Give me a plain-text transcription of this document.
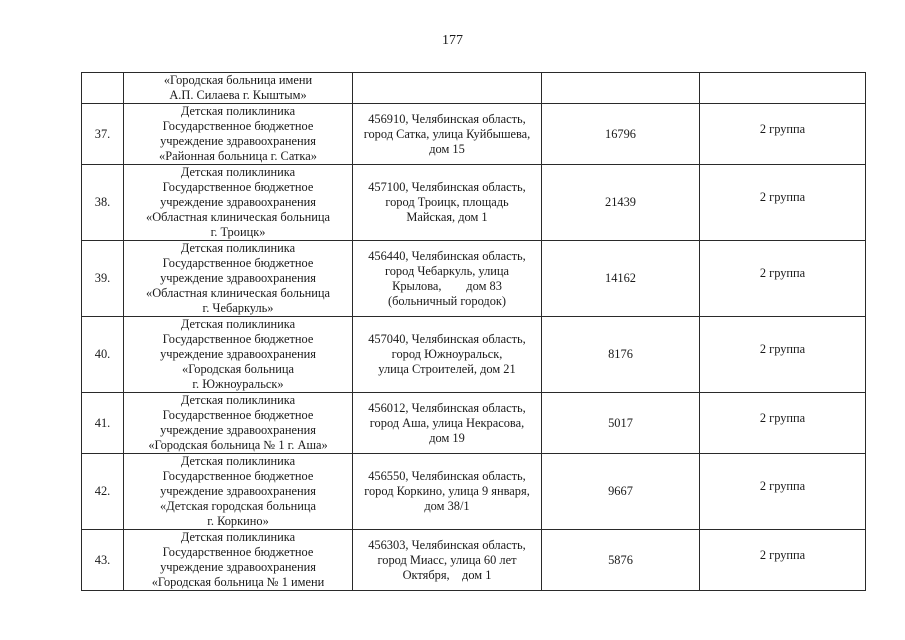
177

	«Городская больница имени
А.П. Силаева г. Кыштым»			

37.	Детская поликлиника
Государственное бюджетное
учреждение здравоохранения
«Районная больница г. Сатка»	456910, Челябинская область,
город Сатка, улица Куйбышева,
дом 15	16796	2 группа
38.	Детская поликлиника
Государственное бюджетное
учреждение здравоохранения
«Областная клиническая больница
г. Троицк»	457100, Челябинская область,
город Троицк, площадь
Майская, дом 1	21439	2 группа
39.	Детская поликлиника
Государственное бюджетное
учреждение здравоохранения
«Областная клиническая больница
г. Чебаркуль»	456440, Челябинская область,
город Чебаркуль, улица
Крылова,        дом 83
(больничный городок)	14162	2 группа
40.	Детская поликлиника
Государственное бюджетное
учреждение здравоохранения
«Городская больница
г. Южноуральск»	457040, Челябинская область,
город Южноуральск,
улица Строителей, дом 21	8176	2 группа
41.	Детская поликлиника
Государственное бюджетное
учреждение здравоохранения
«Городская больница № 1 г. Аша»	456012, Челябинская область,
город Аша, улица Некрасова,
дом 19	5017	2 группа
42.	Детская поликлиника
Государственное бюджетное
учреждение здравоохранения
«Детская городская больница
г. Коркино»	456550, Челябинская область,
город Коркино, улица 9 января,
дом 38/1	9667	2 группа
43.	Детская поликлиника
Государственное бюджетное
учреждение здравоохранения
«Городская больница № 1 имени	456303, Челябинская область,
город Миасс, улица 60 лет
Октября,    дом 1	5876	2 группа
